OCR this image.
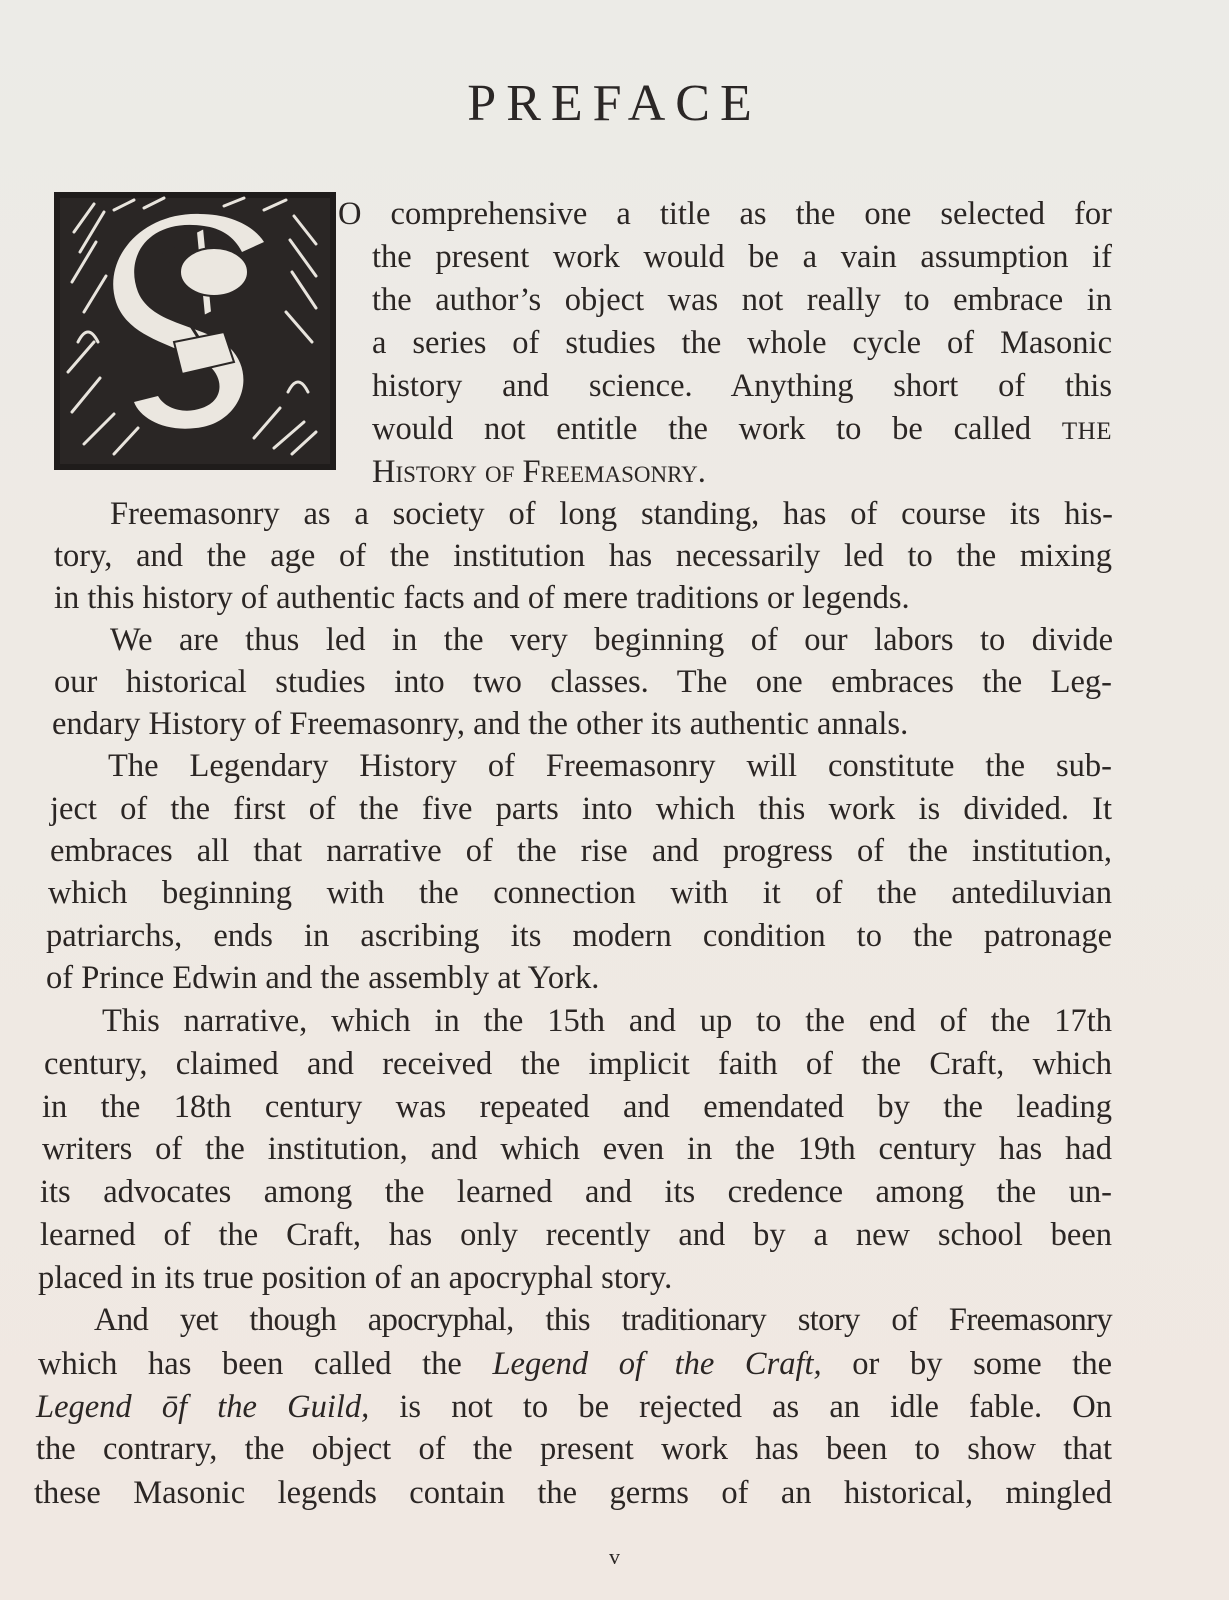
PREFACE
O comprehensive a title as the one selected for
the present work would be a vain assumption if
the author’s object was not really to embrace in
a series of studies the whole cycle of Masonic
history and science. Anything short of this
would not entitle the work to be called THE
History of Freemasonry.
Freemasonry as a society of long standing, has of course its his-
tory, and the age of the institution has necessarily led to the mixing
in this history of authentic facts and of mere traditions or legends.
We are thus led in the very beginning of our labors to divide
our historical studies into two classes. The one embraces the Leg-
endary History of Freemasonry, and the other its authentic annals.
The Legendary History of Freemasonry will constitute the sub-
ject of the first of the five parts into which this work is divided. It
embraces all that narrative of the rise and progress of the institution,
which beginning with the connection with it of the antediluvian
patriarchs, ends in ascribing its modern condition to the patronage
of Prince Edwin and the assembly at York.
This narrative, which in the 15th and up to the end of the 17th
century, claimed and received the implicit faith of the Craft, which
in the 18th century was repeated and emendated by the leading
writers of the institution, and which even in the 19th century has had
its advocates among the learned and its credence among the un-
learned of the Craft, has only recently and by a new school been
placed in its true position of an apocryphal story.
And yet though apocryphal, this traditionary story of Freemasonry
which has been called the Legend of the Craft, or by some the
Legend ōf the Guild, is not to be rejected as an idle fable. On
the contrary, the object of the present work has been to show that
these Masonic legends contain the germs of an historical, mingled
v
